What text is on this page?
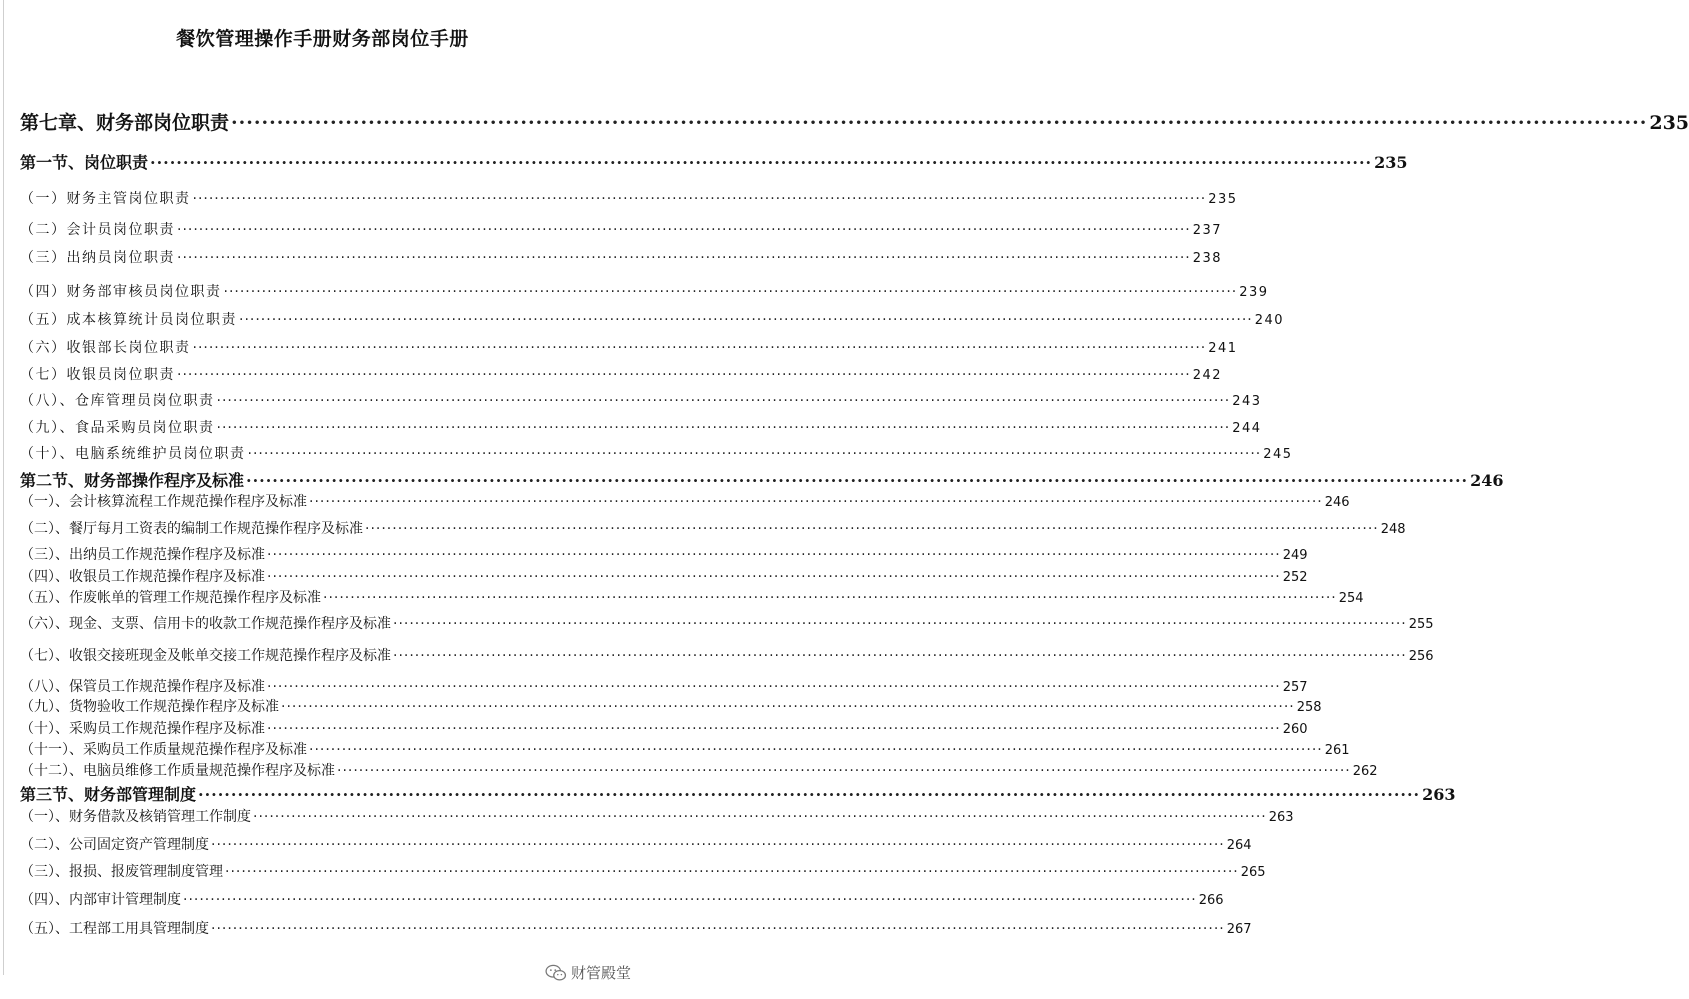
餐饮管理操作手册财务部岗位手册
第七章、财务部岗位职责 ·························································································································································································· 235
第一节、岗位职责 ·························································································································································································· 235
（一）财务主管岗位职责 ·························································································································································································· 235
（二）会计员岗位职责 ·························································································································································································· 237
（三）出纳员岗位职责 ·························································································································································································· 238
（四）财务部审核员岗位职责 ·························································································································································································· 239
（五）成本核算统计员岗位职责 ·························································································································································································· 240
（六）收银部长岗位职责 ·························································································································································································· 241
（七）收银员岗位职责 ·························································································································································································· 242
（八）、仓库管理员岗位职责 ·························································································································································································· 243
（九）、食品采购员岗位职责 ·························································································································································································· 244
（十）、电脑系统维护员岗位职责 ·························································································································································································· 245
第二节、财务部操作程序及标准 ·························································································································································································· 246
（一）、会计核算流程工作规范操作程序及标准 ·························································································································································································· 246
（二）、餐厅每月工资表的编制工作规范操作程序及标准 ·························································································································································································· 248
（三）、出纳员工作规范操作程序及标准 ·························································································································································································· 249
（四）、收银员工作规范操作程序及标准 ·························································································································································································· 252
（五）、作废帐单的管理工作规范操作程序及标准 ·························································································································································································· 254
（六）、现金、支票、信用卡的收款工作规范操作程序及标准 ·························································································································································································· 255
（七）、收银交接班现金及帐单交接工作规范操作程序及标准 ·························································································································································································· 256
（八）、保管员工作规范操作程序及标准 ·························································································································································································· 257
（九）、货物验收工作规范操作程序及标准 ·························································································································································································· 258
（十）、采购员工作规范操作程序及标准 ·························································································································································································· 260
（十一）、采购员工作质量规范操作程序及标准 ·························································································································································································· 261
（十二）、电脑员维修工作质量规范操作程序及标准 ·························································································································································································· 262
第三节、财务部管理制度 ·························································································································································································· 263
（一）、财务借款及核销管理工作制度 ·························································································································································································· 263
（二）、公司固定资产管理制度 ·························································································································································································· 264
（三）、报损、报废管理制度管理 ·························································································································································································· 265
（四）、内部审计管理制度 ·························································································································································································· 266
（五）、工程部工用具管理制度 ·························································································································································································· 267
财管殿堂
